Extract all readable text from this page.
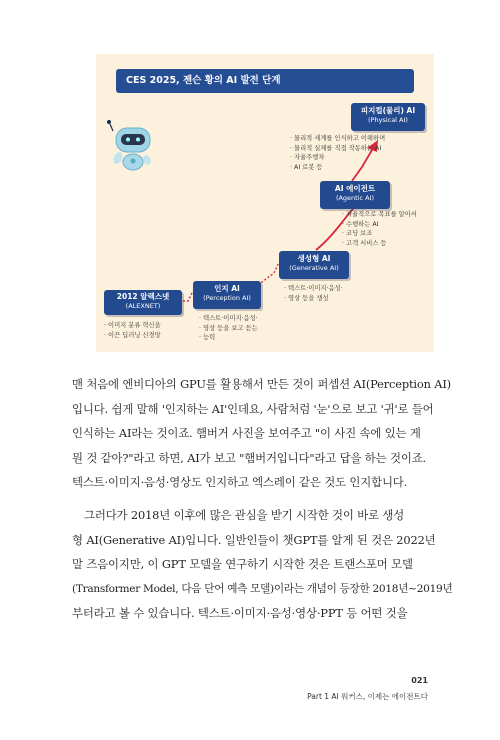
CES 2025, 젠슨 황의 AI 발전 단계
2012 알렉스넷
(ALEXNET)
· 이미지 분류 혁신을
· 이끈 딥러닝 신경망
인지 AI
(Perception AI)
· 텍스트·이미지·음성·
· 영상 등을 보고 듣는
· 능력
생성형 AI
(Generative AI)
· 텍스트·이미지·음성·
· 영상 등을 생성
AI 에이전트
(Agentic AI)
· 자율적으로 목표를 알아서
· 수행하는 AI
· 코딩 보조
· 고객 서비스 등
피지컬(물리) AI
(Physical AI)
· 물리적 세계를 인식하고 이해하며
· 물리적 실체를 직접 작동하는 AI
· 자율주행차
· AI 로봇 등

맨 처음에 엔비디아의 GPU를 활용해서 만든 것이 퍼셉션 AI(Perception AI)
입니다. 쉽게 말해 '인지하는 AI'인데요, 사람처럼 '눈'으로 보고 '귀'로 들어
인식하는 AI라는 것이죠. 햄버거 사진을 보여주고 "이 사진 속에 있는 게
뭔 것 같아?"라고 하면, AI가 보고 "햄버거입니다"라고 답을 하는 것이죠.
텍스트·이미지·음성·영상도 인지하고 엑스레이 같은 것도 인지합니다.

그러다가 2018년 이후에 많은 관심을 받기 시작한 것이 바로 생성
형 AI(Generative AI)입니다. 일반인들이 챗GPT를 알게 된 것은 2022년
말 즈음이지만, 이 GPT 모델을 연구하기 시작한 것은 트랜스포머 모델
(Transformer Model, 다음 단어 예측 모델)이라는 개념이 등장한 2018년~2019년
부터라고 볼 수 있습니다. 텍스트·이미지·음성·영상·PPT 등 어떤 것을

021
Part 1 AI 워커스, 이제는 에이전트다
